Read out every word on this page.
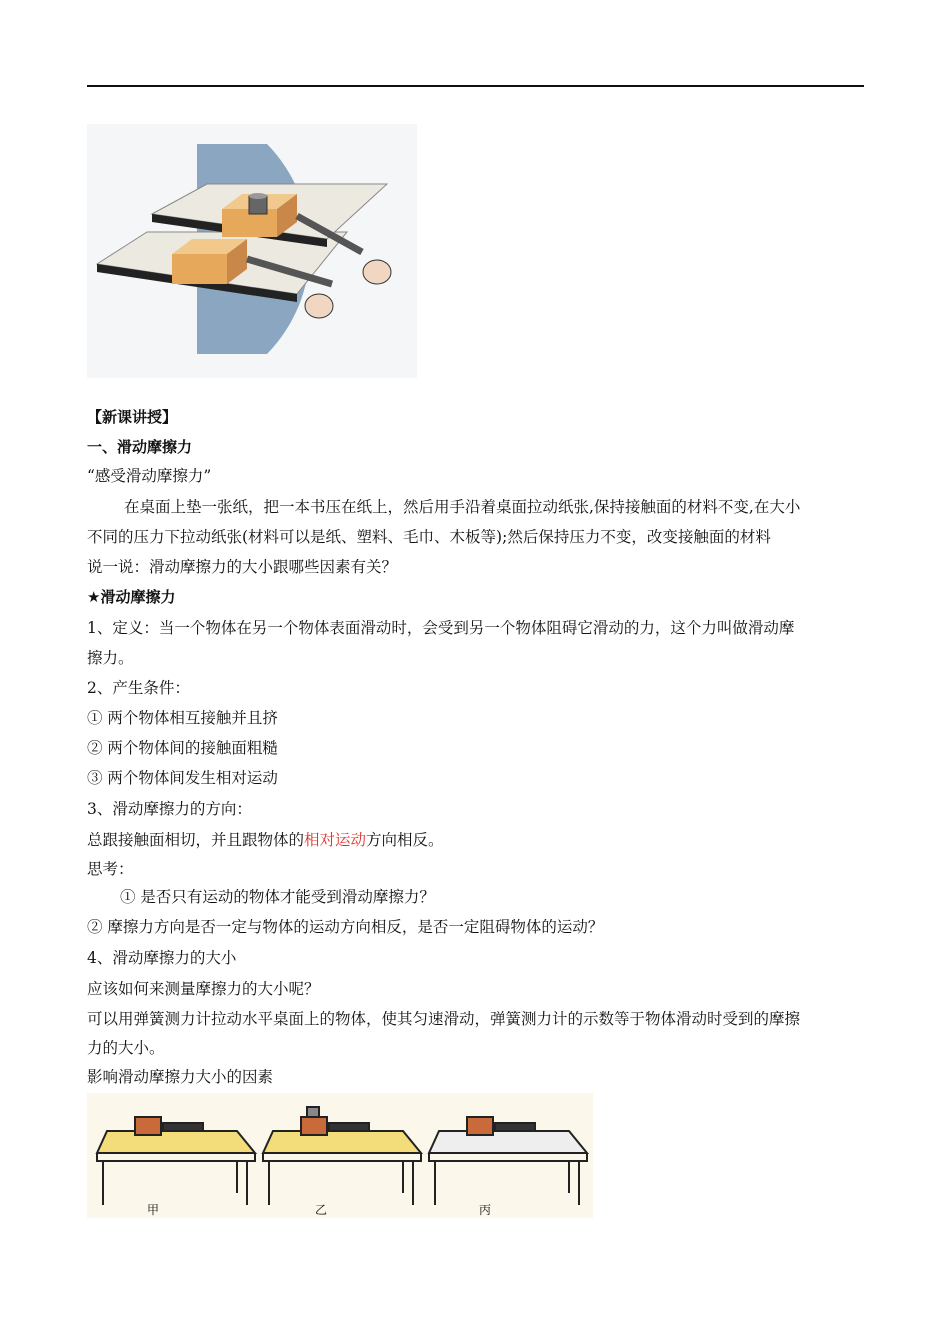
【新课讲授】
一、滑动摩擦力
“感受滑动摩擦力”
在桌面上垫一张纸，把一本书压在纸上，然后用手沿着桌面拉动纸张,保持接触面的材料不变,在大小
不同的压力下拉动纸张(材料可以是纸、塑料、毛巾、木板等);然后保持压力不变，改变接触面的材料
说一说：滑动摩擦力的大小跟哪些因素有关？
★滑动摩擦力
1、定义：当一个物体在另一个物体表面滑动时，会受到另一个物体阻碍它滑动的力，这个力叫做滑动摩
擦力。
2、产生条件：
① 两个物体相互接触并且挤
② 两个物体间的接触面粗糙
③ 两个物体间发生相对运动
3、滑动摩擦力的方向：
总跟接触面相切，并且跟物体的相对运动方向相反。
思考：
① 是否只有运动的物体才能受到滑动摩擦力？
② 摩擦力方向是否一定与物体的运动方向相反，是否一定阻碍物体的运动？
4、滑动摩擦力的大小
应该如何来测量摩擦力的大小呢？
可以用弹簧测力计拉动水平桌面上的物体，使其匀速滑动，弹簧测力计的示数等于物体滑动时受到的摩擦
力的大小。
影响滑动摩擦力大小的因素
甲	乙	丙
